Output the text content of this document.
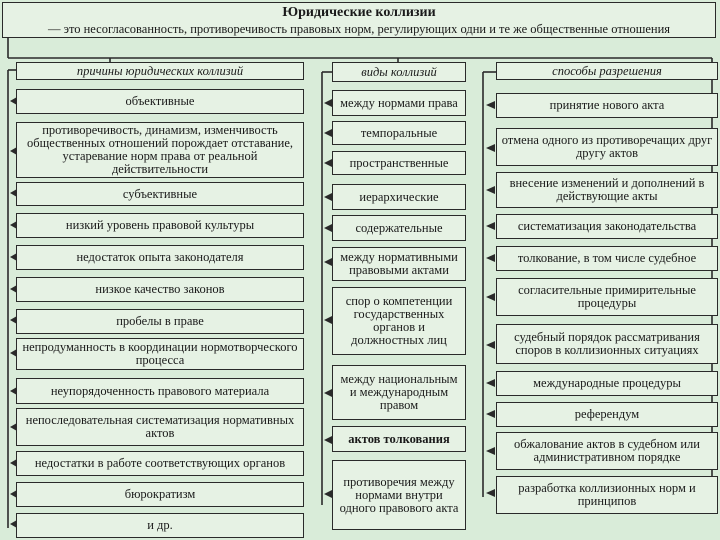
Юридические коллизии
— это несогласованность, противоречивость правовых норм, регулирующих одни и те же общественные отношения
причины юридических коллизий	виды коллизий	способы разрешения
объективные
противоречивость, динамизм, изменчивость общественных отношений порождает отставание, устаревание норм права от реальной действительности
субъективные
низкий уровень правовой культуры
недостаток опыта законодателя
низкое качество законов
пробелы в праве
непродуманность в координации нормотворческого процесса
неупорядоченность правового материала
непоследовательная систематизация нормативных актов
недостатки в работе соответствующих органов
бюрократизм
и др.
между нормами права
темпоральные
пространственные
иерархические
содержательные
между нормативными правовыми актами
спор о компетенции государственных органов и должностных лиц
между национальным и международным правом
актов толкования
противоречия между нормами внутри одного правового акта
принятие нового акта
отмена одного из противоречащих друг другу актов
внесение изменений и дополнений в действующие акты
систематизация законодательства
толкование, в том числе судебное
согласительные примирительные процедуры
судебный порядок рассматривания споров в коллизионных ситуациях
международные процедуры
референдум
обжалование актов в судебном или административном порядке
разработка коллизионных норм и принципов
